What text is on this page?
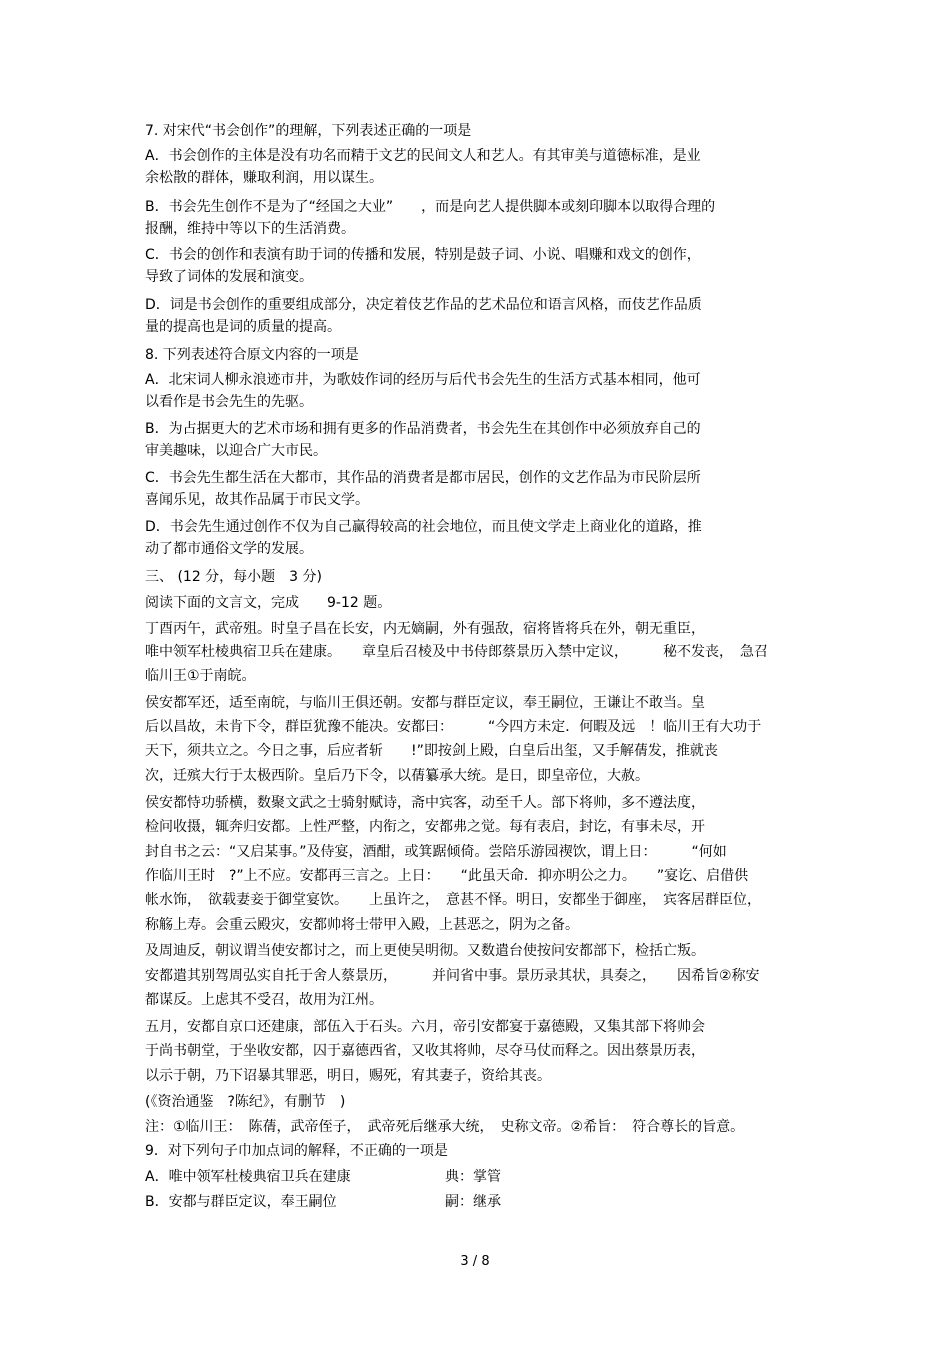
7. 对宋代“书会创作”的理解，下列表述正确的一项是
A．书会创作的主体是没有功名而精于文艺的民间文人和艺人。有其审美与道德标准，是业
余松散的群体，赚取利润，用以谋生。
B．书会先生创作不是为了“经国之大业”　　，而是向艺人提供脚本或刻印脚本以取得合理的
报酬，维持中等以下的生活消费。
C．书会的创作和表演有助于词的传播和发展，特别是鼓子词、小说、唱赚和戏文的创作，
导致了词体的发展和演变。
D．词是书会创作的重要组成部分，决定着伎艺作品的艺术品位和语言风格，而伎艺作品质
量的提高也是词的质量的提高。
8. 下列表述符合原文内容的一项是
A．北宋词人柳永浪迹市井，为歌妓作词的经历与后代书会先生的生活方式基本相同，他可
以看作是书会先生的先驱。
B．为占据更大的艺术市场和拥有更多的作品消费者，书会先生在其创作中必须放弃自己的
审美趣味，以迎合广大市民。
C．书会先生都生活在大都市，其作品的消费者是都市居民，创作的文艺作品为市民阶层所
喜闻乐见，故其作品属于市民文学。
D．书会先生通过创作不仅为自己赢得较高的社会地位，而且使文学走上商业化的道路，推
动了都市通俗文学的发展。
三、 (12 分，每小题　3 分)
阅读下面的文言文，完成　　9-12 题。
丁酉丙午，武帝殂。时皇子昌在长安，内无嫡嗣，外有强敌，宿将皆将兵在外，朝无重臣，
唯中领军杜棱典宿卫兵在建康。　　章皇后召棱及中书侍郎蔡景历入禁中定议，　　　秘不发丧，　急召
临川王①于南皖。
侯安都军还，适至南皖，与临川王俱还朝。安都与群臣定议，奉王嗣位，王谦让不敢当。皇
后以昌故，未肯下令，群臣犹豫不能决。安都曰：　　　“今四方未定．何暇及远　！临川王有大功于
天下，须共立之。今日之事，后应者斩　　!”即按剑上殿，白皇后出玺，又手解蒨发，推就丧
次，迁殡大行于太极西阶。皇后乃下令，以蒨纂承大统。是日，即皇帝位，大赦。
侯安都恃功骄横，数聚文武之士骑射赋诗，斋中宾客，动至千人。部下将帅，多不遵法度，
检问收摄，辄奔归安都。上性严整，内衔之，安都弗之觉。每有表启，封讫，有事未尽，开
封自书之云：“又启某事。”及侍宴，酒酣，或箕踞倾倚。尝陪乐游园禊饮，谓上日：　　　“何如
作临川王时　?”上不应。安都再三言之。上日：　　“此虽天命．抑亦明公之力。　　”宴讫、启借供
帐水饰，　欲载妻妾于御堂宴饮。　　上虽许之，　意甚不怿。明日，安都坐于御座，　宾客居群臣位，
称觞上寿。会重云殿灾，安都帅将士带甲入殿，上甚恶之，阴为之备。
及周迪反，朝议谓当使安都讨之，而上更使吴明彻。又数遣台使按问安都部下，检括亡叛。
安都遣其别驾周弘实自托于舍人蔡景历，　　　并问省中事。景历录其状，具奏之，　　因希旨②称安
都谋反。上虑其不受召，故用为江州。
五月，安都自京口还建康，部伍入于石头。六月，帝引安都宴于嘉德殿，又集其部下将帅会
于尚书朝堂，于坐收安都，囚于嘉德西省，又收其将帅，尽夺马仗而释之。因出蔡景历表，
以示于朝，乃下诏暴其罪恶，明日，赐死，宥其妻子，资给其丧。
(《资治通鉴　?陈纪》，有删节　)
注：①临川王：　陈蒨，武帝侄子，　武帝死后继承大统，　史称文帝。②希旨：　符合尊长的旨意。
9．对下列句子巾加点词的解释，不正确的一项是
A．唯中领军杜棱典宿卫兵在建康	典：掌管
B．安都与群臣定议，奉王嗣位	嗣：继承
3 / 8
